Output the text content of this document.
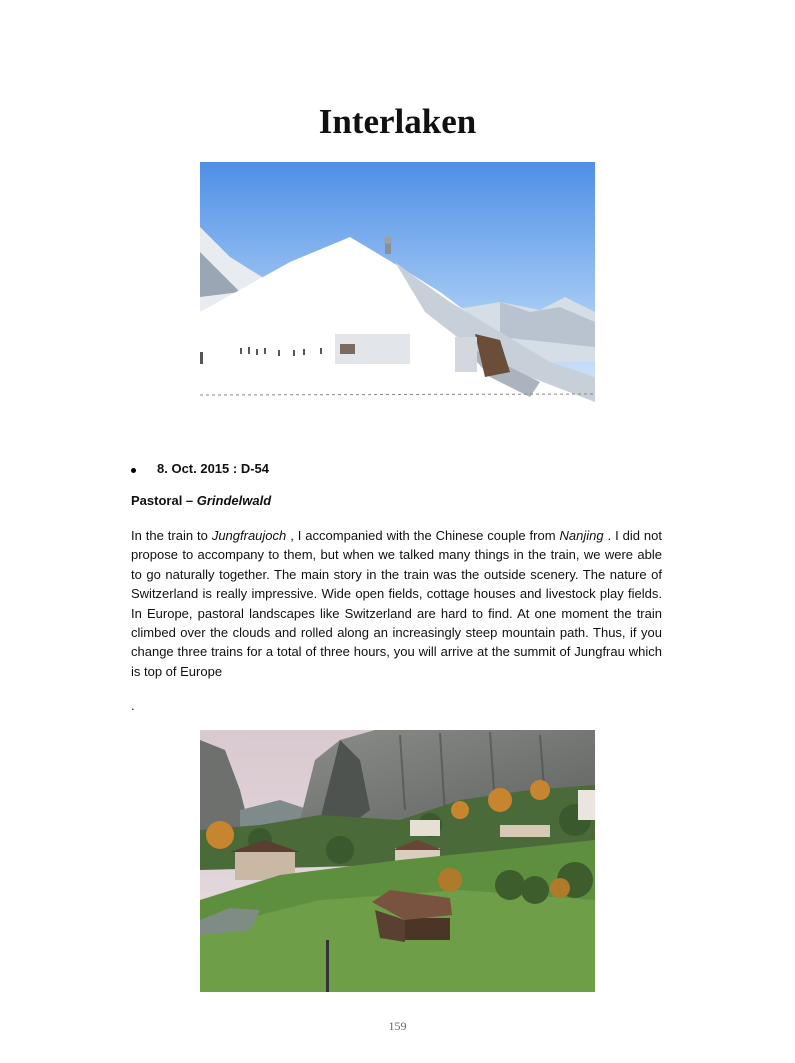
Interlaken
8. Oct. 2015 : D-54
Pastoral – Grindelwald

In the train to Jungfraujoch , I accompanied with the Chinese couple from Nanjing . I did not propose to accompany to them, but when we talked many things in the train, we were able to go naturally together. The main story in the train was the outside scenery. The nature of Switzerland is really impressive. Wide open fields, cottage houses and livestock play fields. In Europe, pastoral landscapes like Switzerland are hard to find. At one moment the train climbed over the clouds and rolled along an increasingly steep mountain path. Thus, if you change three trains for a total of three hours, you will arrive at the summit of Jungfrau which is top of Europe

.
159
